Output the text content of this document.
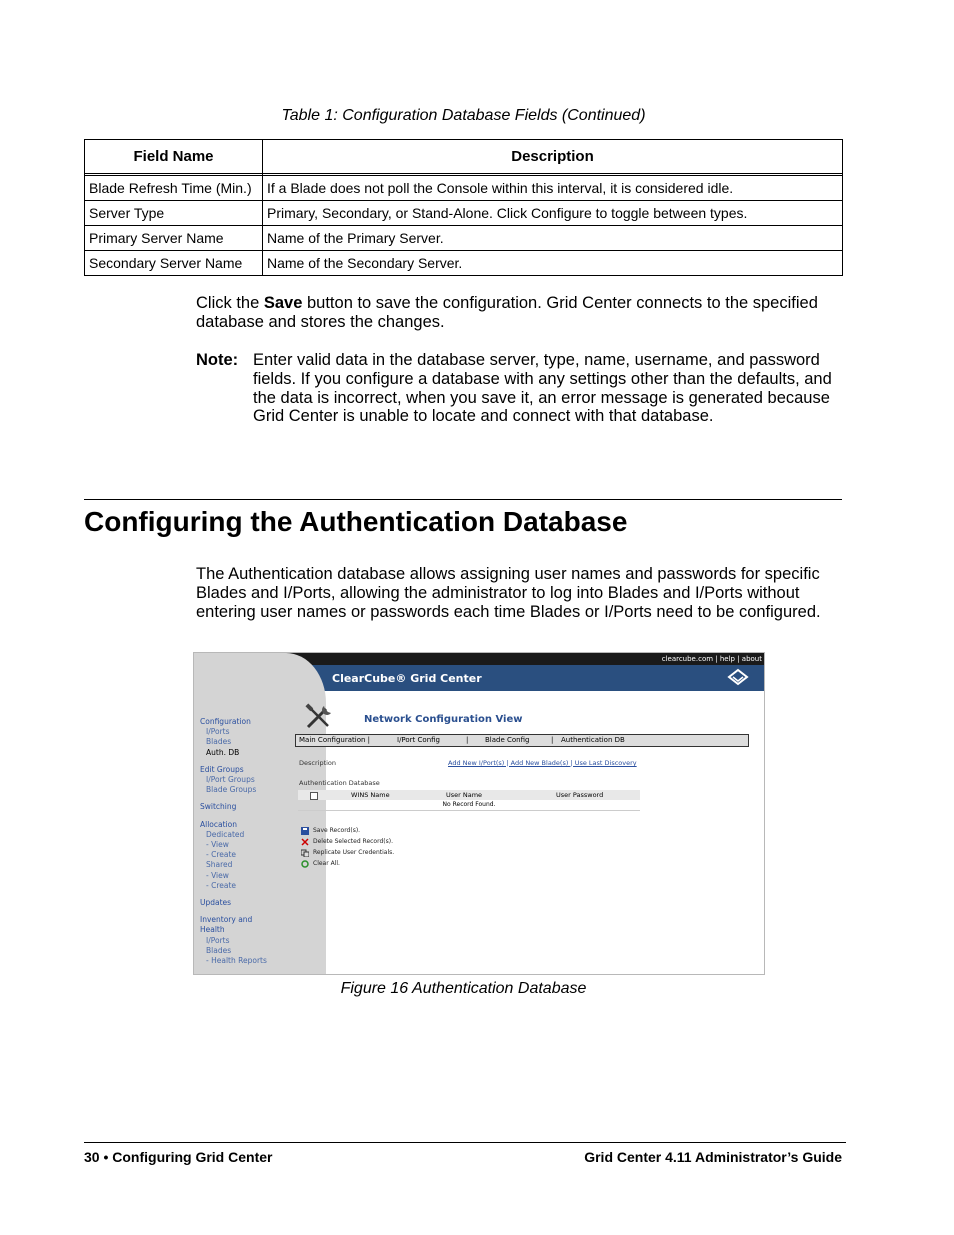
Table 1: Configuration Database Fields (Continued)
Field Name	Description

Blade Refresh Time (Min.)	If a Blade does not poll the Console within this interval, it is considered idle.
Server Type	Primary, Secondary, or Stand-Alone. Click Configure to toggle between types.
Primary Server Name	Name of the Primary Server.
Secondary Server Name	Name of the Secondary Server.
Click the Save button to save the configuration. Grid Center connects to the specified database and stores the changes.
Note: Enter valid data in the database server, type, name, username, and password fields. If you configure a database with any settings other than the defaults, and the data is incorrect, when you save it, an error message is generated because Grid Center is unable to locate and connect with that database.
Configuring the Authentication Database
The Authentication database allows assigning user names and passwords for specific Blades and I/Ports, allowing the administrator to log into Blades and I/Ports without entering user names or passwords each time Blades or I/Ports need to be configured.
clearcube.com | help | about
ClearCube® Grid Center
Configuration
I/Ports
Blades
Auth. DB
Edit Groups
I/Port Groups
Blade Groups
Switching
Allocation
Dedicated
- View
- Create
Shared
- View
- Create
Updates
Inventory and Health
I/Ports
Blades
- Health Reports
Network Configuration View
Main Configuration |	I/Port Config	| Blade Config	| Authentication DB
Description	Add New I/Port(s) | Add New Blade(s) | Use Last Discovery
Authentication Database
WINS Name	User Name	User Password
No Record Found.
Save Record(s).
Delete Selected Record(s).
Replicate User Credentials.
Clear All.
Figure 16 Authentication Database
30 • Configuring Grid Center	Grid Center 4.11 Administrator’s Guide
